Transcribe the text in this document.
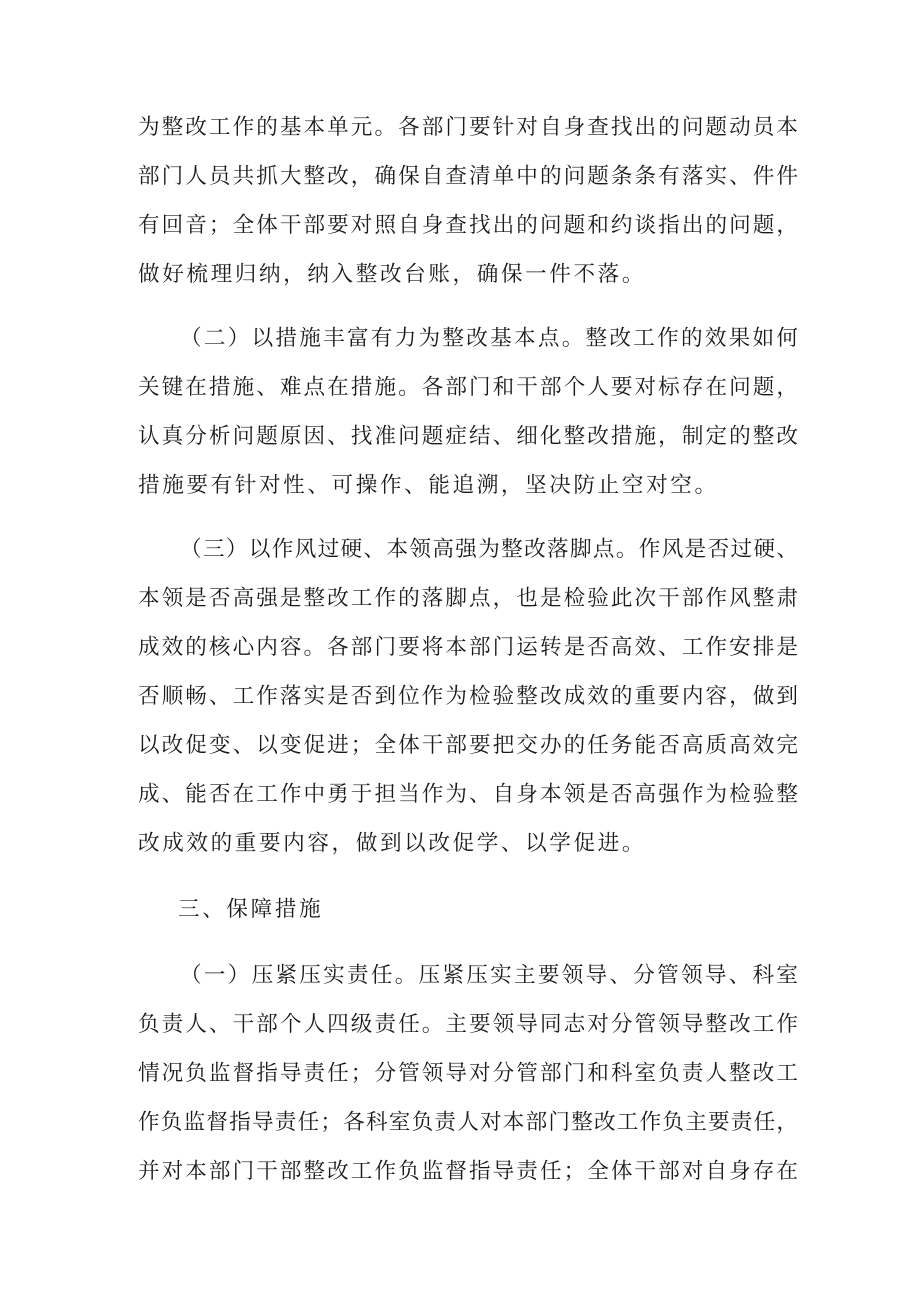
为整改工作的基本单元。各部门要针对自身查找出的问题动员本
部门人员共抓大整改，确保自查清单中的问题条条有落实、件件
有回音；全体干部要对照自身查找出的问题和约谈指出的问题，
做好梳理归纳，纳入整改台账，确保一件不落。
（二）以措施丰富有力为整改基本点。整改工作的效果如何
关键在措施、难点在措施。各部门和干部个人要对标存在问题，
认真分析问题原因、找准问题症结、细化整改措施，制定的整改
措施要有针对性、可操作、能追溯，坚决防止空对空。
（三）以作风过硬、本领高强为整改落脚点。作风是否过硬、
本领是否高强是整改工作的落脚点，也是检验此次干部作风整肃
成效的核心内容。各部门要将本部门运转是否高效、工作安排是
否顺畅、工作落实是否到位作为检验整改成效的重要内容，做到
以改促变、以变促进；全体干部要把交办的任务能否高质高效完
成、能否在工作中勇于担当作为、自身本领是否高强作为检验整
改成效的重要内容，做到以改促学、以学促进。
三、保障措施
（一）压紧压实责任。压紧压实主要领导、分管领导、科室
负责人、干部个人四级责任。主要领导同志对分管领导整改工作
情况负监督指导责任；分管领导对分管部门和科室负责人整改工
作负监督指导责任；各科室负责人对本部门整改工作负主要责任，
并对本部门干部整改工作负监督指导责任；全体干部对自身存在
